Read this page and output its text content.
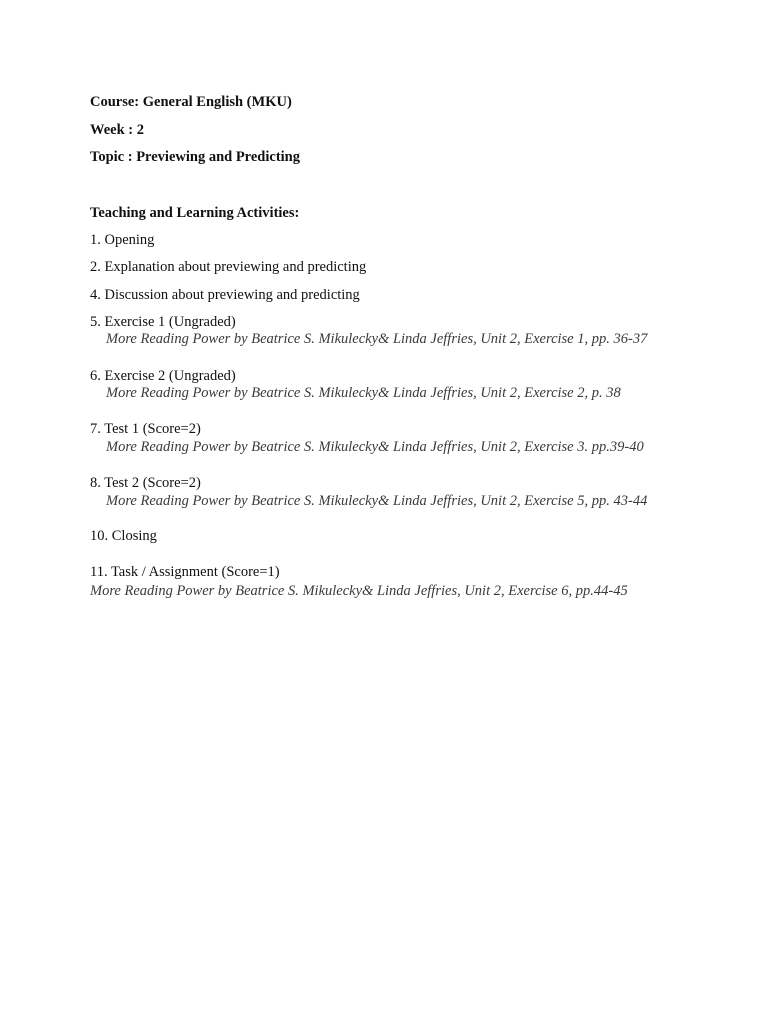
Course: General English (MKU)
Week : 2
Topic : Previewing and Predicting
Teaching and Learning Activities:
1. Opening
2. Explanation about previewing and predicting
4. Discussion about previewing and predicting
5. Exercise 1 (Ungraded)
More Reading Power by Beatrice S. Mikulecky& Linda Jeffries, Unit 2, Exercise 1, pp. 36-37
6. Exercise 2 (Ungraded)
More Reading Power by Beatrice S. Mikulecky& Linda Jeffries, Unit 2, Exercise 2, p. 38
7. Test 1 (Score=2)
More Reading Power by Beatrice S. Mikulecky& Linda Jeffries, Unit 2, Exercise 3. pp.39-40
8. Test 2 (Score=2)
More Reading Power by Beatrice S. Mikulecky& Linda Jeffries, Unit 2, Exercise 5, pp. 43-44
10. Closing
11. Task / Assignment (Score=1)
More Reading Power by Beatrice S. Mikulecky& Linda Jeffries, Unit 2, Exercise 6, pp.44-45
